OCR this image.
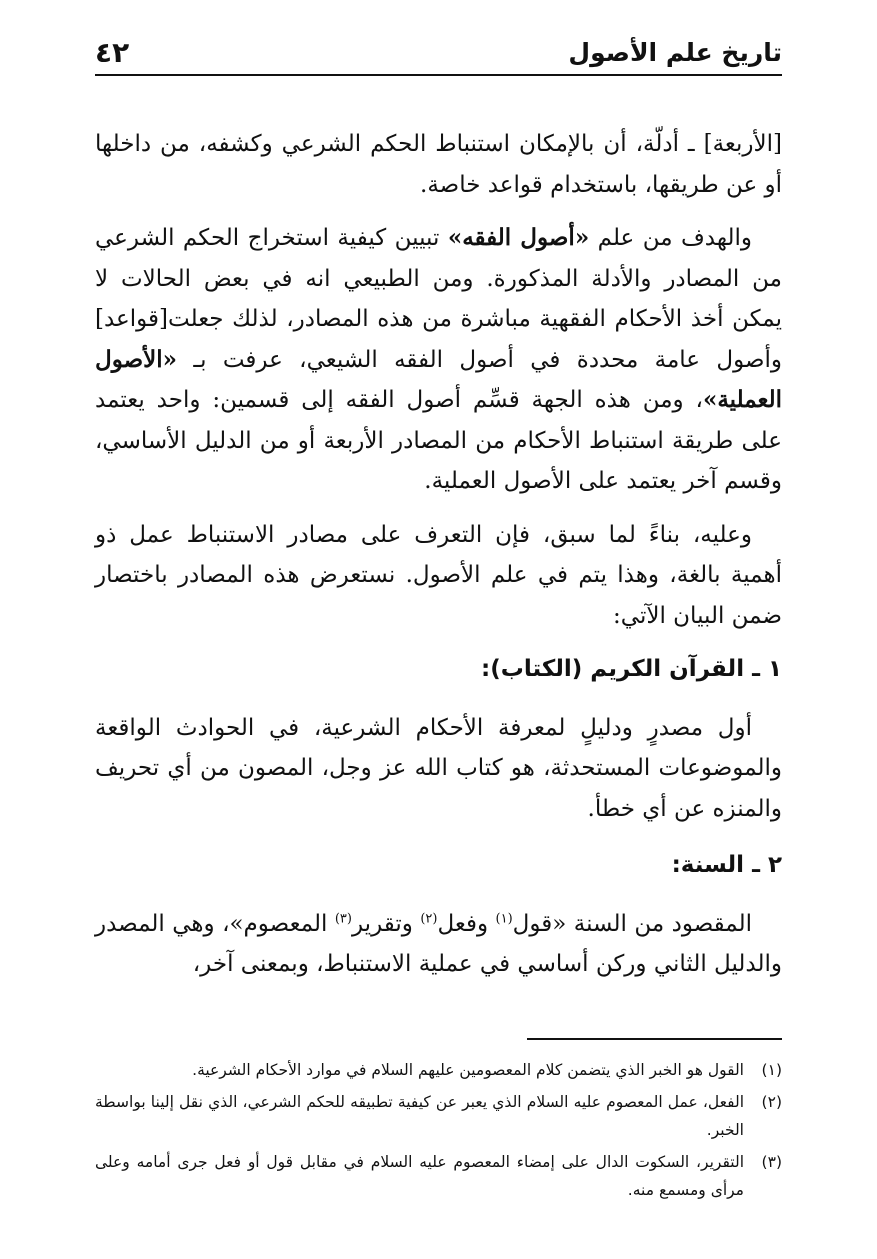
تاريخ علم الأصول
٤٢

[الأربعة] ـ أدلّة، أن بالإمكان استنباط الحكم الشرعي وكشفه، من داخلها أو عن طريقها، باستخدام قواعد خاصة.

والهدف من علم «أصول الفقه» تبيين كيفية استخراج الحكم الشرعي من المصادر والأدلة المذكورة. ومن الطبيعي انه في بعض الحالات لا يمكن أخذ الأحكام الفقهية مباشرة من هذه المصادر، لذلك جعلت[قواعد] وأصول عامة محددة في أصول الفقه الشيعي، عرفت بـ «الأصول العملية»، ومن هذه الجهة قسِّم أصول الفقه إلى قسمين: واحد يعتمد على طريقة استنباط الأحكام من المصادر الأربعة أو من الدليل الأساسي، وقسم آخر يعتمد على الأصول العملية.

وعليه، بناءً لما سبق، فإن التعرف على مصادر الاستنباط عمل ذو أهمية بالغة، وهذا يتم في علم الأصول. نستعرض هذه المصادر باختصار ضمن البيان الآتي:

١ ـ القرآن الكريم (الكتاب):

أول مصدرٍ ودليلٍ لمعرفة الأحكام الشرعية، في الحوادث الواقعة والموضوعات المستحدثة، هو كتاب الله عز وجل، المصون من أي تحريف والمنزه عن أي خطأ.

٢ ـ السنة:

المقصود من السنة «قول$^{(١)}$ وفعل$^{(٢)}$ وتقرير$^{(٣)}$ المعصوم»، وهي المصدر والدليل الثاني وركن أساسي في عملية الاستنباط، وبمعنى آخر،

(١)
القول هو الخبر الذي يتضمن كلام المعصومين عليهم السلام في موارد الأحكام الشرعية.
(٢)
الفعل، عمل المعصوم عليه السلام الذي يعبر عن كيفية تطبيقه للحكم الشرعي، الذي نقل إلينا بواسطة الخبر.
(٣)
التقرير، السكوت الدال على إمضاء المعصوم عليه السلام في مقابل قول أو فعل جرى أمامه وعلى مرأى ومسمع منه.
